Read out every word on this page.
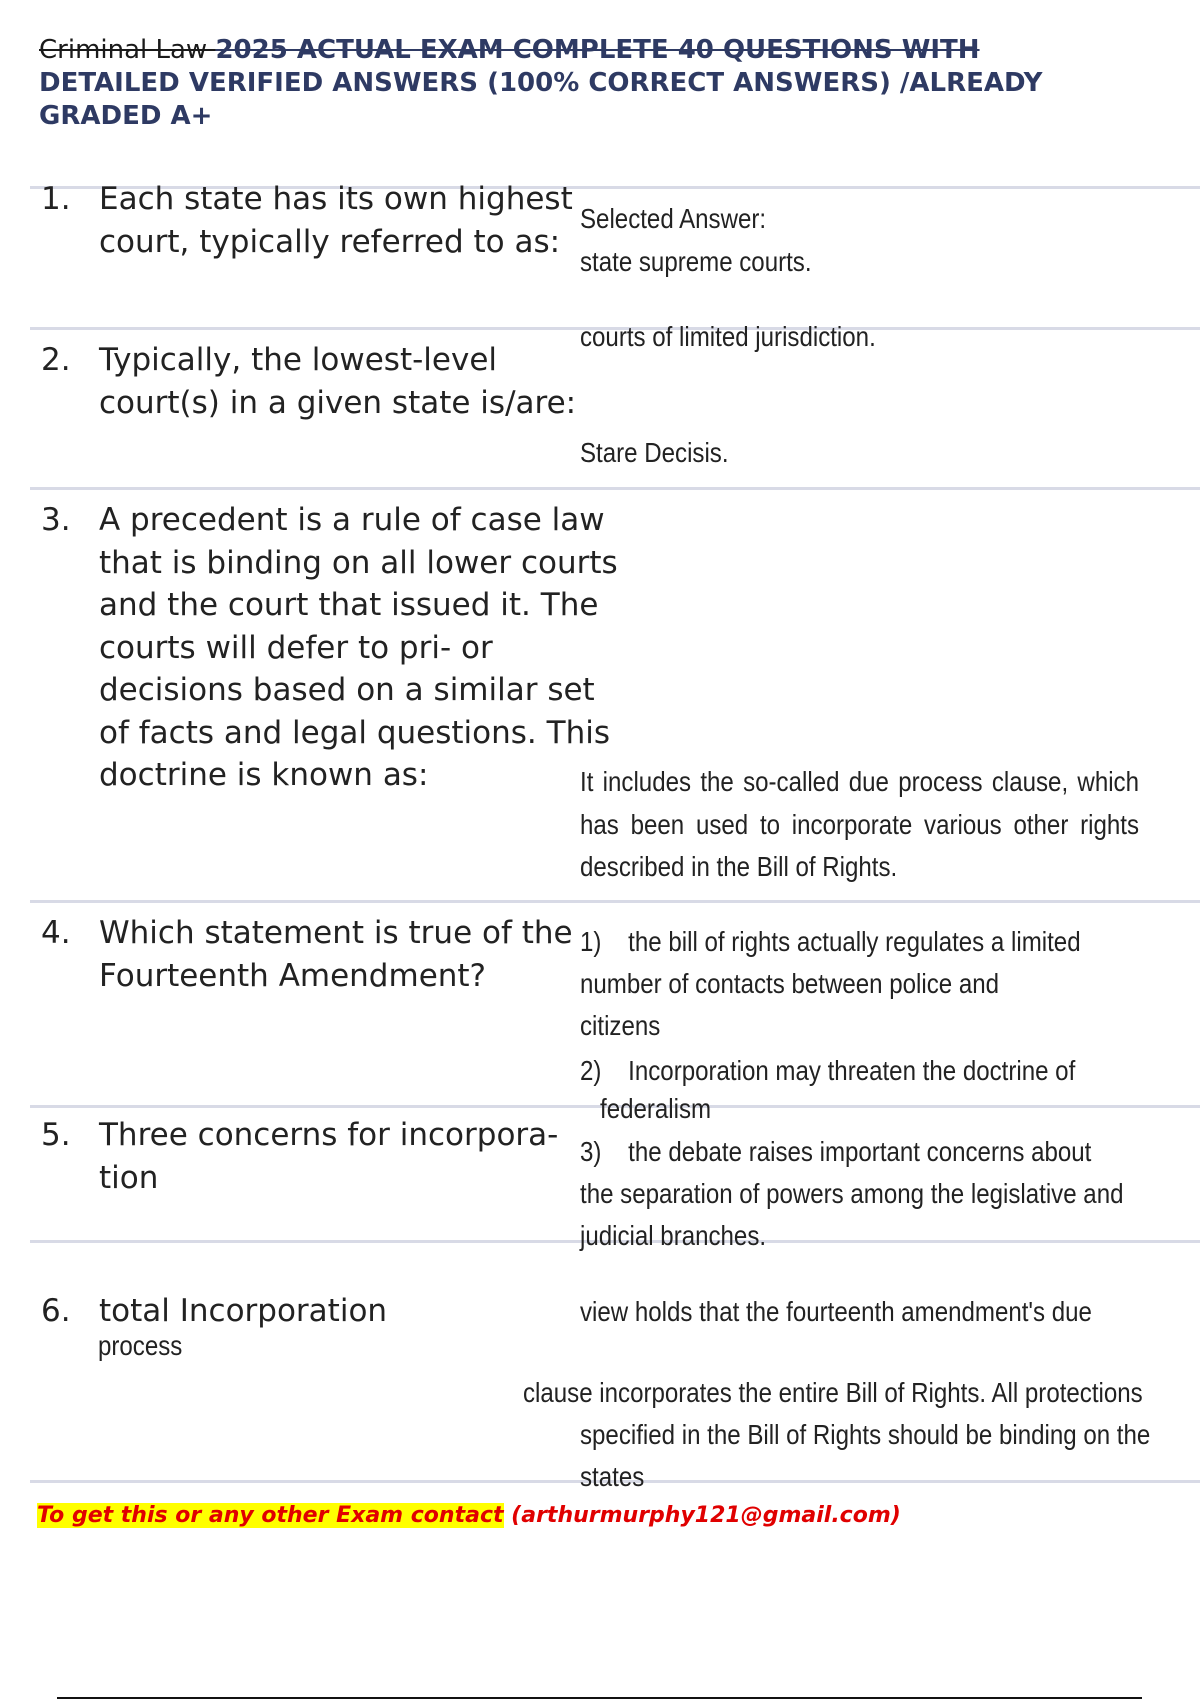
Criminal Law 2025 ACTUAL EXAM COMPLETE 40 QUESTIONS WITH
DETAILED VERIFIED ANSWERS (100% CORRECT ANSWERS) /ALREADY
GRADED A+
1. Each state has its own highest court, typically referred to as:
2. Typically, the lowest-level court(s) in a given state is/are:
3. A precedent is a rule of case law that is binding on all lower courts and the court that issued it. The courts will defer to pri- or decisions based on a similar set of facts and legal questions. This doctrine is known as:
4. Which statement is true of the Fourteenth Amendment?
5. Three concerns for incorpora- tion
6. total Incorporation
process
Selected Answer:
state supreme courts.
courts of limited jurisdiction.
Stare Decisis.
It includes the so-called due process clause, which has been used to incorporate various other rights described in the Bill of Rights.
1) the bill of rights actually regulates a limited
number of contacts between police and
citizens
2) Incorporation may threaten the doctrine of
federalism
3) the debate raises important concerns about
the separation of powers among the legislative and
judicial branches.
view holds that the fourteenth amendment's due
clause incorporates the entire Bill of Rights. All protections
specified in the Bill of Rights should be binding on the
states
To get this or any other Exam contact (arthurmurphy121@gmail.com)
